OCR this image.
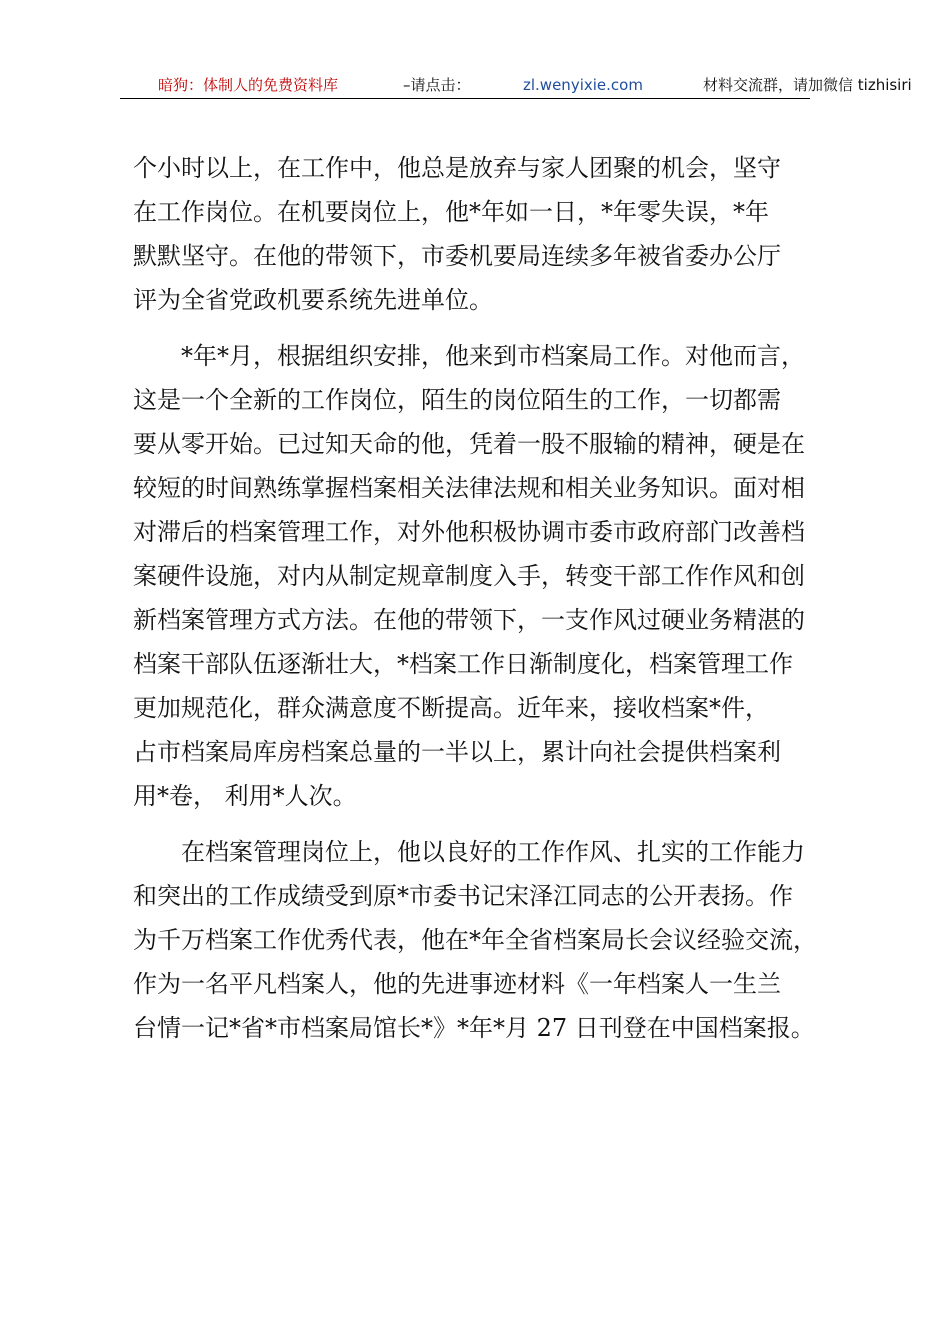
暗狗：体制人的免费资料库	–请点击：	zl.wenyixie.com	材料交流群，请加微信 tizhisiri
个小时以上，在工作中，他总是放弃与家人团聚的机会，坚守
在工作岗位。在机要岗位上，他*年如一日，*年零失误，*年
默默坚守。在他的带领下，市委机要局连续多年被省委办公厅
评为全省党政机要系统先进单位。
　　*年*月，根据组织安排，他来到市档案局工作。对他而言，
这是一个全新的工作岗位，陌生的岗位陌生的工作，一切都需
要从零开始。已过知天命的他，凭着一股不服输的精神，硬是在
较短的时间熟练掌握档案相关法律法规和相关业务知识。面对相
对滞后的档案管理工作，对外他积极协调市委市政府部门改善档
案硬件设施，对内从制定规章制度入手，转变干部工作作风和创
新档案管理方式方法。在他的带领下，一支作风过硬业务精湛的
档案干部队伍逐渐壮大，*档案工作日渐制度化，档案管理工作
更加规范化，群众满意度不断提高。近年来，接收档案*件，
占市档案局库房档案总量的一半以上，累计向社会提供档案利
用*卷， 利用*人次。
　　在档案管理岗位上，他以良好的工作作风、扎实的工作能力
和突出的工作成绩受到原*市委书记宋泽江同志的公开表扬。作
为千万档案工作优秀代表，他在*年全省档案局长会议经验交流，
作为一名平凡档案人，他的先进事迹材料《一年档案人一生兰
台情一记*省*市档案局馆长*》*年*月 27 日刊登在中国档案报。
